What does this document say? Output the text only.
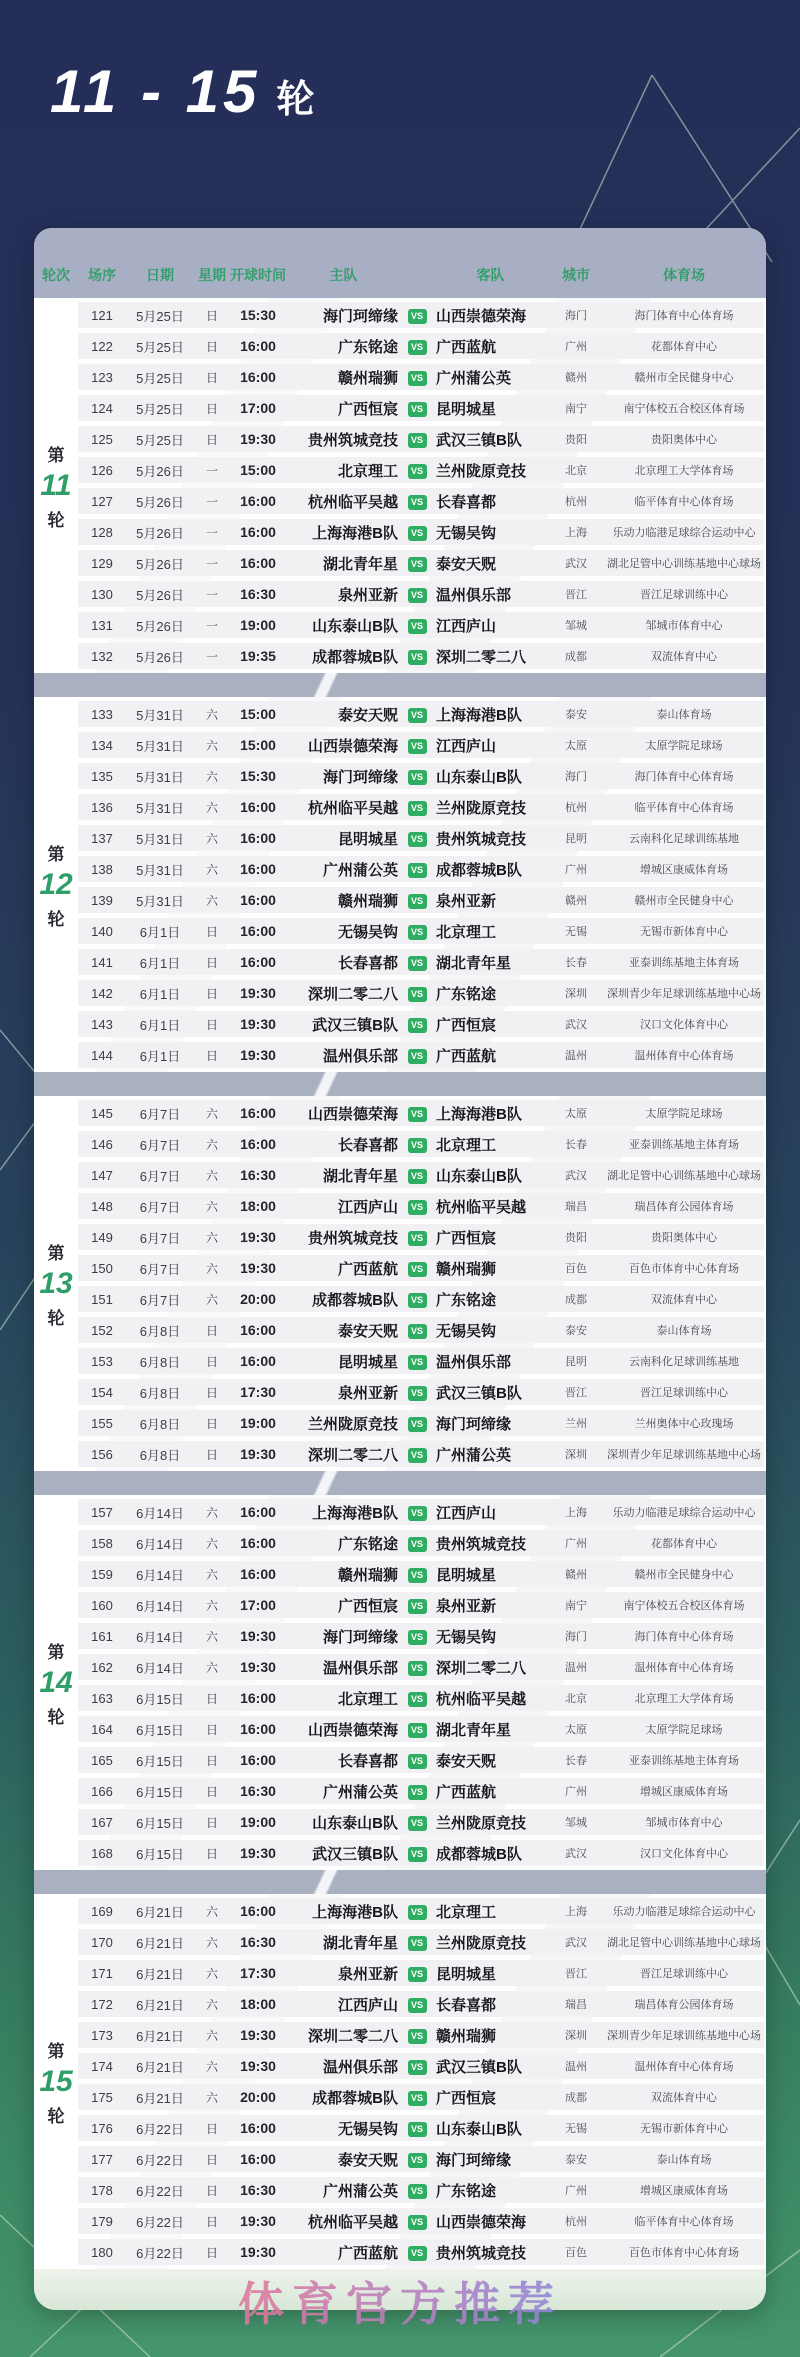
11 - 15 轮
轮次	场序	日期	星期 开球时间	主队	客队	城市	体育场
第
11
轮
121	5月25日	日	15:30	海门珂缔缘	VS 山西崇德荣海	海门	海门体育中心体育场
122	5月25日	日	16:00	广东铭途	VS 广西蓝航	广州	花都体育中心
123	5月25日	日	16:00	赣州瑞狮	VS 广州蒲公英	赣州	赣州市全民健身中心
124	5月25日	日	17:00	广西恒宸	VS 昆明城星	南宁	南宁体校五合校区体育场
125	5月25日	日	19:30	贵州筑城竞技	VS 武汉三镇B队	贵阳	贵阳奥体中心
126	5月26日	一	15:00	北京理工	VS 兰州陇原竞技	北京	北京理工大学体育场
127	5月26日	一	16:00	杭州临平吴越	VS 长春喜都	杭州	临平体育中心体育场
128	5月26日	一	16:00	上海海港B队	VS 无锡吴钩	上海	乐动力临港足球综合运动中心
129	5月26日	一	16:00	湖北青年星	VS 泰安天贶	武汉	湖北足管中心训练基地中心球场
130	5月26日	一	16:30	泉州亚新	VS 温州俱乐部	晋江	晋江足球训练中心
131	5月26日	一	19:00	山东泰山B队	VS 江西庐山	邹城	邹城市体育中心
132	5月26日	一	19:35	成都蓉城B队	VS 深圳二零二八	成都	双流体育中心
第
12
轮
133	5月31日	六	15:00	泰安天贶	VS 上海海港B队	泰安	泰山体育场
134	5月31日	六	15:00	山西崇德荣海	VS 江西庐山	太原	太原学院足球场
135	5月31日	六	15:30	海门珂缔缘	VS 山东泰山B队	海门	海门体育中心体育场
136	5月31日	六	16:00	杭州临平吴越	VS 兰州陇原竞技	杭州	临平体育中心体育场
137	5月31日	六	16:00	昆明城星	VS 贵州筑城竞技	昆明	云南科化足球训练基地
138	5月31日	六	16:00	广州蒲公英	VS 成都蓉城B队	广州	增城区康威体育场
139	5月31日	六	16:00	赣州瑞狮	VS 泉州亚新	赣州	赣州市全民健身中心
140	6月1日	日	16:00	无锡吴钩	VS 北京理工	无锡	无锡市新体育中心
141	6月1日	日	16:00	长春喜都	VS 湖北青年星	长春	亚泰训练基地主体育场
142	6月1日	日	19:30	深圳二零二八	VS 广东铭途	深圳	深圳青少年足球训练基地中心场
143	6月1日	日	19:30	武汉三镇B队	VS 广西恒宸	武汉	汉口文化体育中心
144	6月1日	日	19:30	温州俱乐部	VS 广西蓝航	温州	温州体育中心体育场
第
13
轮
145	6月7日	六	16:00	山西崇德荣海	VS 上海海港B队	太原	太原学院足球场
146	6月7日	六	16:00	长春喜都	VS 北京理工	长春	亚泰训练基地主体育场
147	6月7日	六	16:30	湖北青年星	VS 山东泰山B队	武汉	湖北足管中心训练基地中心球场
148	6月7日	六	18:00	江西庐山	VS 杭州临平吴越	瑞昌	瑞昌体育公园体育场
149	6月7日	六	19:30	贵州筑城竞技	VS 广西恒宸	贵阳	贵阳奥体中心
150	6月7日	六	19:30	广西蓝航	VS 赣州瑞狮	百色	百色市体育中心体育场
151	6月7日	六	20:00	成都蓉城B队	VS 广东铭途	成都	双流体育中心
152	6月8日	日	16:00	泰安天贶	VS 无锡吴钩	泰安	泰山体育场
153	6月8日	日	16:00	昆明城星	VS 温州俱乐部	昆明	云南科化足球训练基地
154	6月8日	日	17:30	泉州亚新	VS 武汉三镇B队	晋江	晋江足球训练中心
155	6月8日	日	19:00	兰州陇原竞技	VS 海门珂缔缘	兰州	兰州奥体中心玫瑰场
156	6月8日	日	19:30	深圳二零二八	VS 广州蒲公英	深圳	深圳青少年足球训练基地中心场
第
14
轮
157	6月14日	六	16:00	上海海港B队	VS 江西庐山	上海	乐动力临港足球综合运动中心
158	6月14日	六	16:00	广东铭途	VS 贵州筑城竞技	广州	花都体育中心
159	6月14日	六	16:00	赣州瑞狮	VS 昆明城星	赣州	赣州市全民健身中心
160	6月14日	六	17:00	广西恒宸	VS 泉州亚新	南宁	南宁体校五合校区体育场
161	6月14日	六	19:30	海门珂缔缘	VS 无锡吴钩	海门	海门体育中心体育场
162	6月14日	六	19:30	温州俱乐部	VS 深圳二零二八	温州	温州体育中心体育场
163	6月15日	日	16:00	北京理工	VS 杭州临平吴越	北京	北京理工大学体育场
164	6月15日	日	16:00	山西崇德荣海	VS 湖北青年星	太原	太原学院足球场
165	6月15日	日	16:00	长春喜都	VS 泰安天贶	长春	亚泰训练基地主体育场
166	6月15日	日	16:30	广州蒲公英	VS 广西蓝航	广州	增城区康威体育场
167	6月15日	日	19:00	山东泰山B队	VS 兰州陇原竞技	邹城	邹城市体育中心
168	6月15日	日	19:30	武汉三镇B队	VS 成都蓉城B队	武汉	汉口文化体育中心
第
15
轮
169	6月21日	六	16:00	上海海港B队	VS 北京理工	上海	乐动力临港足球综合运动中心
170	6月21日	六	16:30	湖北青年星	VS 兰州陇原竞技	武汉	湖北足管中心训练基地中心球场
171	6月21日	六	17:30	泉州亚新	VS 昆明城星	晋江	晋江足球训练中心
172	6月21日	六	18:00	江西庐山	VS 长春喜都	瑞昌	瑞昌体育公园体育场
173	6月21日	六	19:30	深圳二零二八	VS 赣州瑞狮	深圳	深圳青少年足球训练基地中心场
174	6月21日	六	19:30	温州俱乐部	VS 武汉三镇B队	温州	温州体育中心体育场
175	6月21日	六	20:00	成都蓉城B队	VS 广西恒宸	成都	双流体育中心
176	6月22日	日	16:00	无锡吴钩	VS 山东泰山B队	无锡	无锡市新体育中心
177	6月22日	日	16:00	泰安天贶	VS 海门珂缔缘	泰安	泰山体育场
178	6月22日	日	16:30	广州蒲公英	VS 广东铭途	广州	增城区康威体育场
179	6月22日	日	19:30	杭州临平吴越	VS 山西崇德荣海	杭州	临平体育中心体育场
180	6月22日	日	19:30	广西蓝航	VS 贵州筑城竞技	百色	百色市体育中心体育场
体育官方推荐
